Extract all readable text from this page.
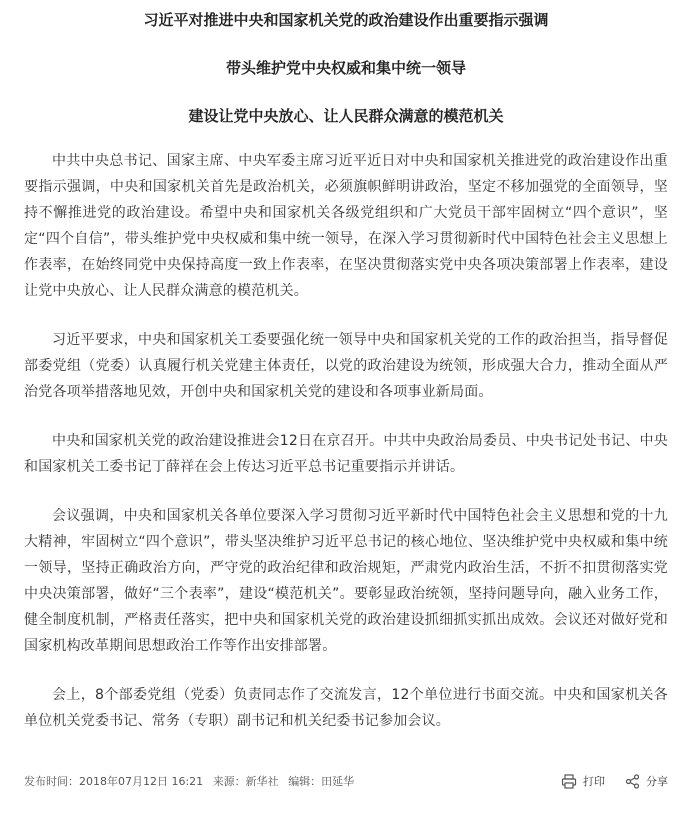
习近平对推进中央和国家机关党的政治建设作出重要指示强调
带头维护党中央权威和集中统一领导
建设让党中央放心、让人民群众满意的模范机关

中共中央总书记、国家主席、中央军委主席习近平近日对中央和国家机关推进党的政治建设作出重要指示强调，中央和国家机关首先是政治机关，必须旗帜鲜明讲政治，坚定不移加强党的全面领导，坚持不懈推进党的政治建设。希望中央和国家机关各级党组织和广大党员干部牢固树立“四个意识”，坚定“四个自信”，带头维护党中央权威和集中统一领导，在深入学习贯彻新时代中国特色社会主义思想上作表率，在始终同党中央保持高度一致上作表率，在坚决贯彻落实党中央各项决策部署上作表率，建设让党中央放心、让人民群众满意的模范机关。

习近平要求，中央和国家机关工委要强化统一领导中央和国家机关党的工作的政治担当，指导督促部委党组（党委）认真履行机关党建主体责任，以党的政治建设为统领，形成强大合力，推动全面从严治党各项举措落地见效，开创中央和国家机关党的建设和各项事业新局面。

中央和国家机关党的政治建设推进会12日在京召开。中共中央政治局委员、中央书记处书记、中央和国家机关工委书记丁薛祥在会上传达习近平总书记重要指示并讲话。

会议强调，中央和国家机关各单位要深入学习贯彻习近平新时代中国特色社会主义思想和党的十九大精神，牢固树立“四个意识”，带头坚决维护习近平总书记的核心地位、坚决维护党中央权威和集中统一领导，坚持正确政治方向，严守党的政治纪律和政治规矩，严肃党内政治生活，不折不扣贯彻落实党中央决策部署，做好“三个表率”，建设“模范机关”。要彰显政治统领，坚持问题导向，融入业务工作，健全制度机制，严格责任落实，把中央和国家机关党的政治建设抓细抓实抓出成效。会议还对做好党和国家机构改革期间思想政治工作等作出安排部署。

会上，8个部委党组（党委）负责同志作了交流发言，12个单位进行书面交流。中央和国家机关各单位机关党委书记、常务（专职）副书记和机关纪委书记参加会议。

发布时间：2018年07月12日 16:21 来源：新华社 编辑：田延华	打印	分享
